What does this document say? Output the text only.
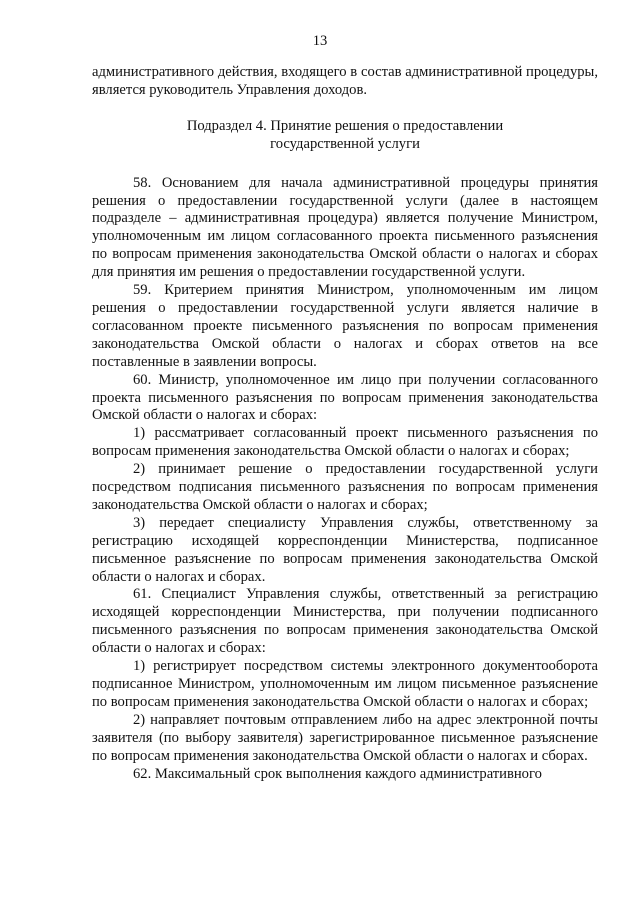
13

административного действия, входящего в состав административной процедуры, является руководитель Управления доходов.

Подраздел 4. Принятие решения о предоставлении
государственной услуги

58. Основанием для начала административной процедуры принятия решения о предоставлении государственной услуги (далее в настоящем подразделе – административная процедура) является получение Министром, уполномоченным им лицом согласованного проекта письменного разъяснения по вопросам применения законодательства Омской области о налогах и сборах для принятия им решения о предоставлении государственной услуги.

59. Критерием принятия Министром, уполномоченным им лицом решения о предоставлении государственной услуги является наличие в согласованном проекте письменного разъяснения по вопросам применения законодательства Омской области о налогах и сборах ответов на все поставленные в заявлении вопросы.

60. Министр, уполномоченное им лицо при получении согласованного проекта письменного разъяснения по вопросам применения законодательства Омской области о налогах и сборах:

1) рассматривает согласованный проект письменного разъяснения по вопросам применения законодательства Омской области о налогах и сборах;

2) принимает решение о предоставлении государственной услуги посредством подписания письменного разъяснения по вопросам применения законодательства Омской области о налогах и сборах;

3) передает специалисту Управления службы, ответственному за регистрацию исходящей корреспонденции Министерства, подписанное письменное разъяснение по вопросам применения законодательства Омской области о налогах и сборах.

61. Специалист Управления службы, ответственный за регистрацию исходящей корреспонденции Министерства, при получении подписанного письменного разъяснения по вопросам применения законодательства Омской области о налогах и сборах:

1) регистрирует посредством системы электронного документооборота подписанное Министром, уполномоченным им лицом письменное разъяснение по вопросам применения законодательства Омской области о налогах и сборах;

2) направляет почтовым отправлением либо на адрес электронной почты заявителя (по выбору заявителя) зарегистрированное письменное разъяснение по вопросам применения законодательства Омской области о налогах и сборах.

62. Максимальный срок выполнения каждого административного
